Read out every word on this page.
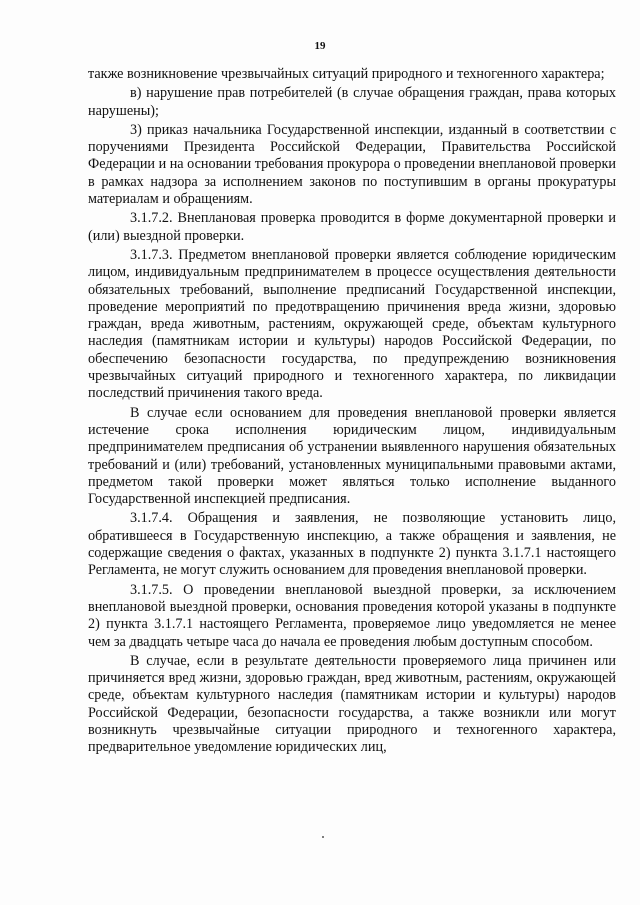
19

также возникновение чрезвычайных ситуаций природного и техногенного характера;

в) нарушение прав потребителей (в случае обращения граждан, права которых нарушены);

3) приказ начальника Государственной инспекции, изданный в соответствии с поручениями Президента Российской Федерации, Правительства Российской Федерации и на основании требования прокурора о проведении внеплановой проверки в рамках надзора за исполнением законов по поступившим в органы прокуратуры материалам и обращениям.

3.1.7.2. Внеплановая проверка проводится в форме документарной проверки и (или) выездной проверки.

3.1.7.3. Предметом внеплановой проверки является соблюдение юридическим лицом, индивидуальным предпринимателем в процессе осуществления деятельности обязательных требований, выполнение предписаний Государственной инспекции, проведение мероприятий по предотвращению причинения вреда жизни, здоровью граждан, вреда животным, растениям, окружающей среде, объектам культурного наследия (памятникам истории и культуры) народов Российской Федерации, по обеспечению безопасности государства, по предупреждению возникновения чрезвычайных ситуаций природного и техногенного характера, по ликвидации последствий причинения такого вреда.

В случае если основанием для проведения внеплановой проверки является истечение срока исполнения юридическим лицом, индивидуальным предпринимателем предписания об устранении выявленного нарушения обязательных требований и (или) требований, установленных муниципальными правовыми актами, предметом такой проверки может являться только исполнение выданного Государственной инспекцией предписания.

3.1.7.4. Обращения и заявления, не позволяющие установить лицо, обратившееся в Государственную инспекцию, а также обращения и заявления, не содержащие сведения о фактах, указанных в подпункте 2) пункта 3.1.7.1 настоящего Регламента, не могут служить основанием для проведения внеплановой проверки.

3.1.7.5. О проведении внеплановой выездной проверки, за исключением внеплановой выездной проверки, основания проведения которой указаны в подпункте 2) пункта 3.1.7.1 настоящего Регламента, проверяемое лицо уведомляется не менее чем за двадцать четыре часа до начала ее проведения любым доступным способом.

В случае, если в результате деятельности проверяемого лица причинен или причиняется вред жизни, здоровью граждан, вред животным, растениям, окружающей среде, объектам культурного наследия (памятникам истории и культуры) народов Российской Федерации, безопасности государства, а также возникли или могут возникнуть чрезвычайные ситуации природного и техногенного характера, предварительное уведомление юридических лиц,
